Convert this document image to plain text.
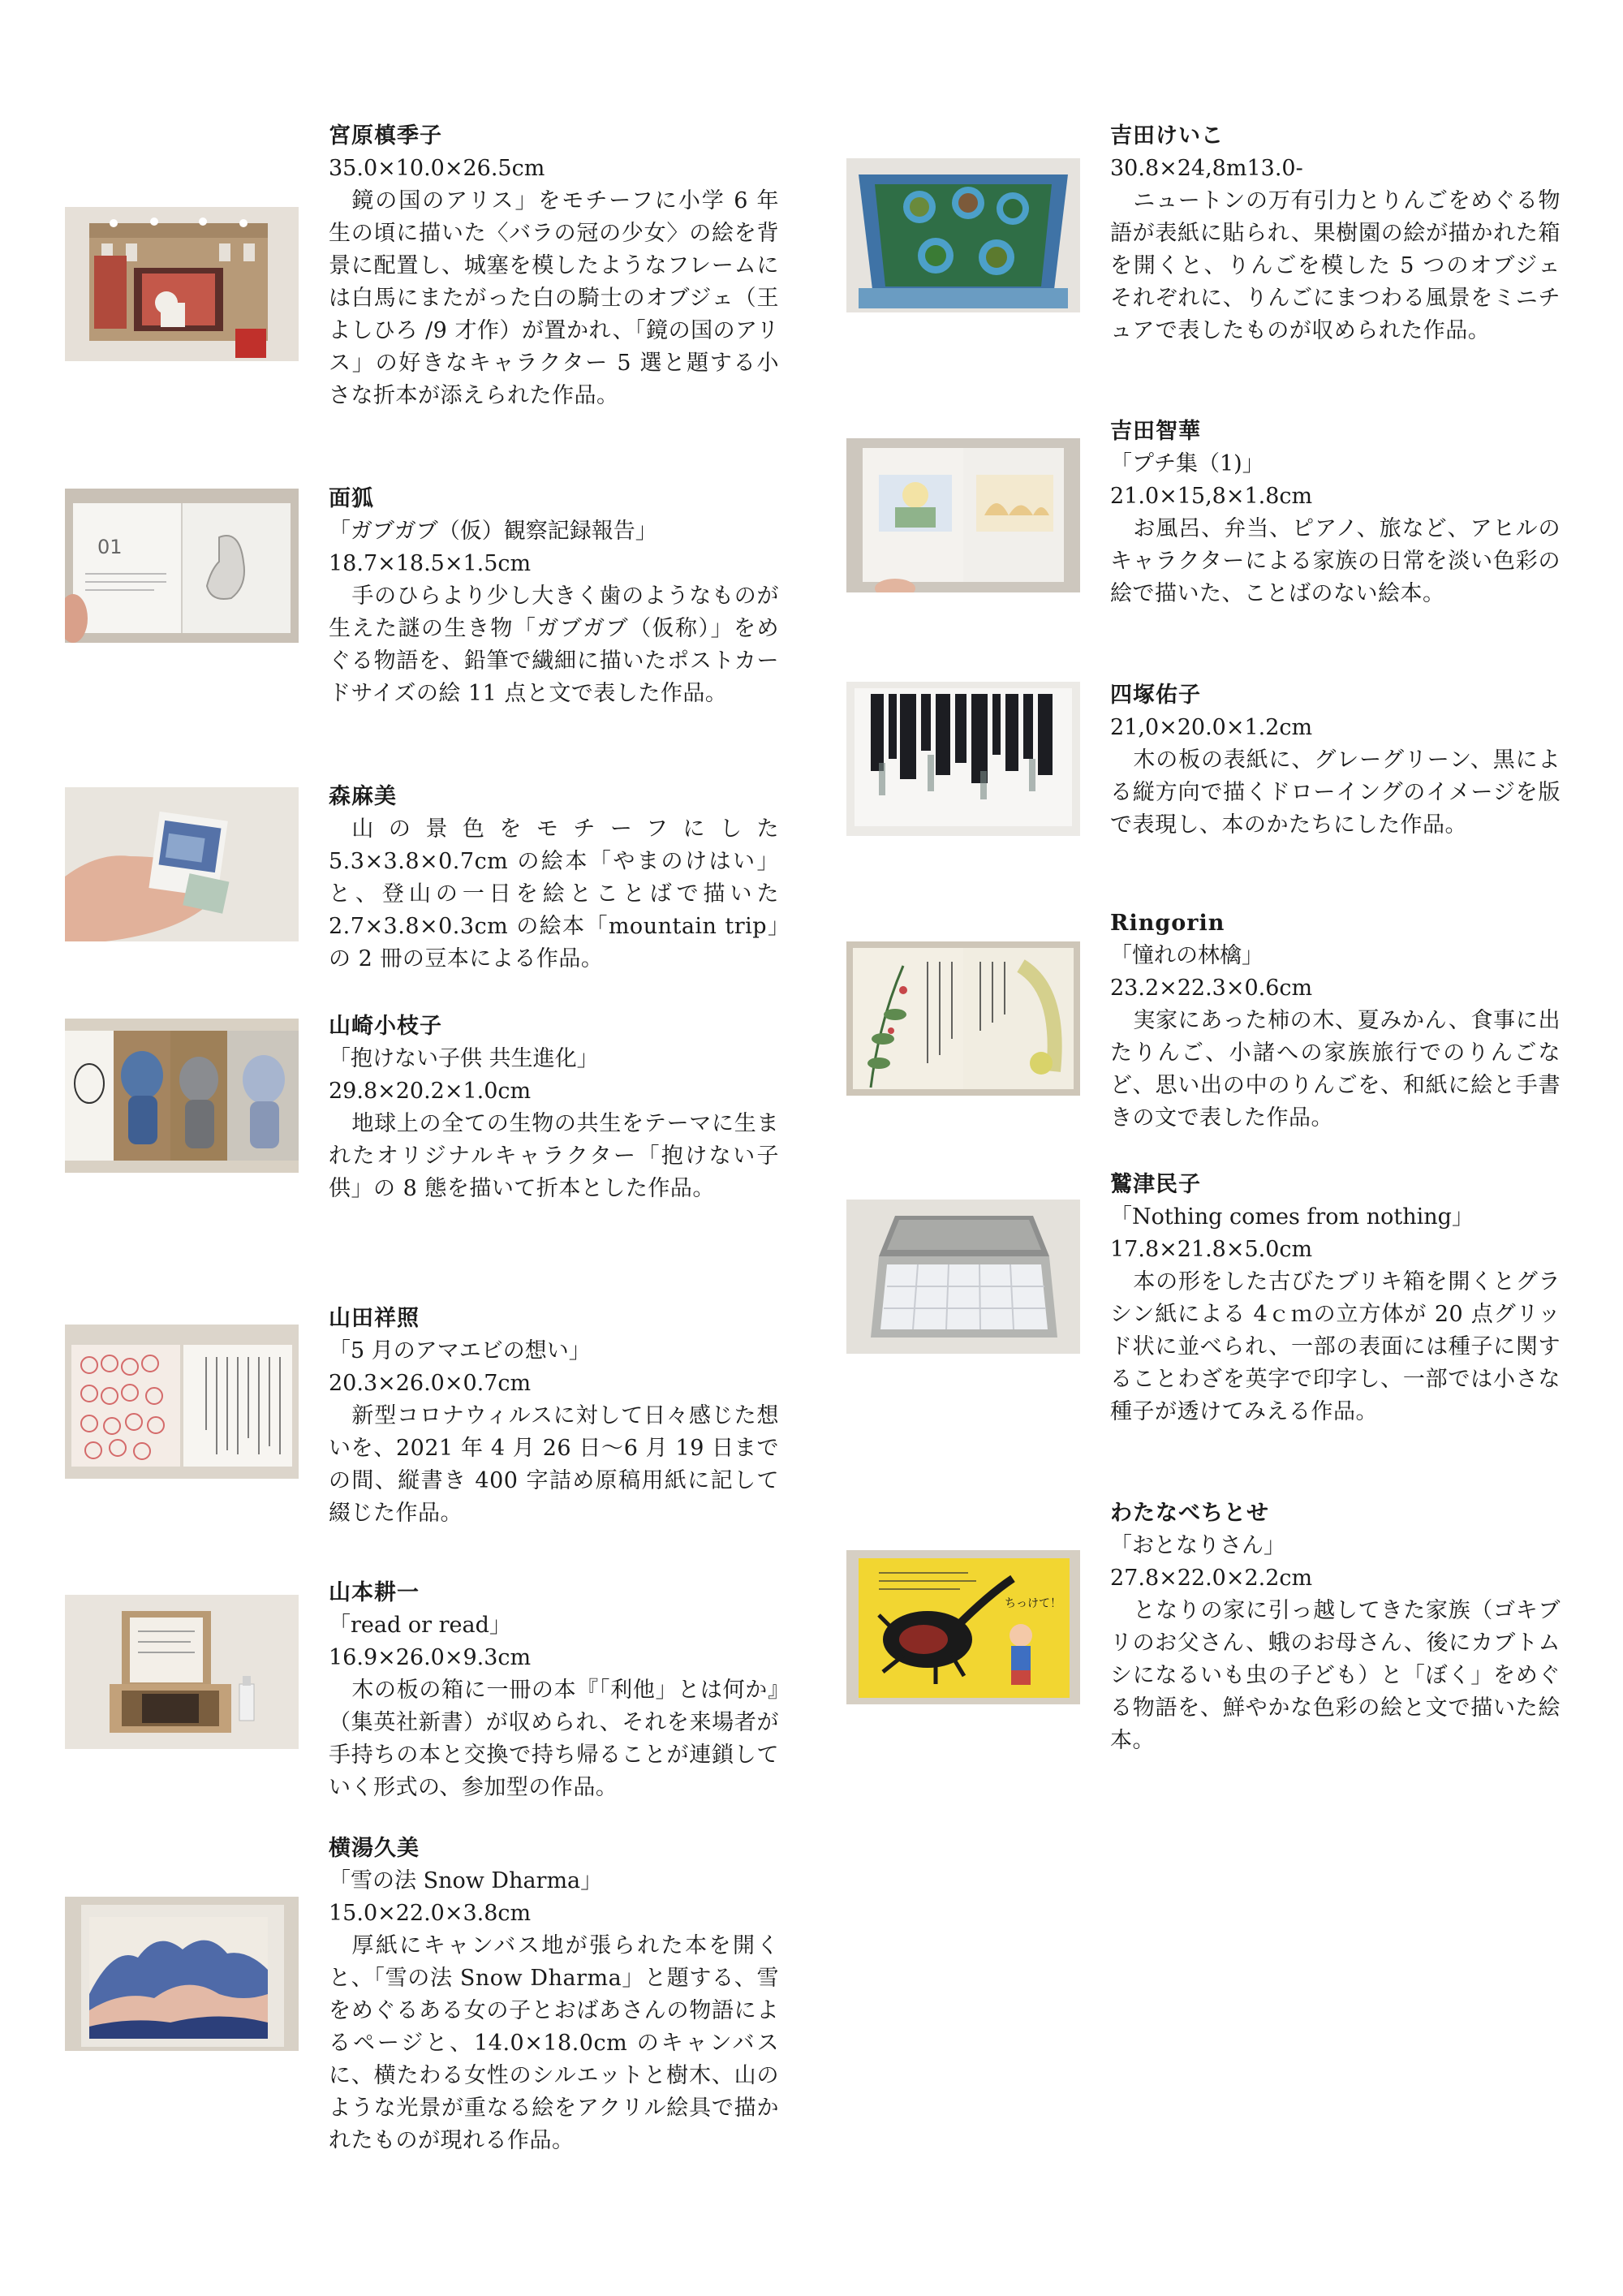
宮原槙季子

35.0×10.0×26.5cm

鏡の国のアリス」をモチーフに小学 6 年生の頃に描いた〈バラの冠の少女〉の絵を背景に配置し、城塞を模したようなフレームには白馬にまたがった白の騎士のオブジェ（王よしひろ /9 才作）が置かれ、「鏡の国のアリス」の好きなキャラクター 5 選と題する小さな折本が添えられた作品。

01

面狐

「ガブガブ（仮）観察記録報告」

18.7×18.5×1.5cm

手のひらより少し大きく歯のようなものが生えた謎の生き物「ガブガブ（仮称）」をめぐる物語を、鉛筆で繊細に描いたポストカードサイズの絵 11 点と文で表した作品。

森麻美

山の景色をモチーフにした 5.3×3.8×0.7cm の絵本「やまのけはい」と、登山の一日を絵とことばで描いた 2.7×3.8×0.3cm の絵本「mountain trip」の 2 冊の豆本による作品。

山崎小枝子

「抱けない子供 共生進化」

29.8×20.2×1.0cm

地球上の全ての生物の共生をテーマに生まれたオリジナルキャラクター「抱けない子供」の 8 態を描いて折本とした作品。

山田祥照

「5 月のアマエビの想い」

20.3×26.0×0.7cm

新型コロナウィルスに対して日々感じた想いを、2021 年 4 月 26 日〜6 月 19 日までの間、縦書き 400 字詰め原稿用紙に記して綴じた作品。

山本耕一

「read or read」

16.9×26.0×9.3cm

木の板の箱に一冊の本『「利他」とは何か』（集英社新書）が収められ、それを来場者が手持ちの本と交換で持ち帰ることが連鎖していく形式の、参加型の作品。

横湯久美

「雪の法 Snow Dharma」

15.0×22.0×3.8cm

厚紙にキャンバス地が張られた本を開くと、「雪の法 Snow Dharma」と題する、雪をめぐるある女の子とおばあさんの物語によるページと、14.0×18.0cm のキャンバスに、横たわる女性のシルエットと樹木、山のような光景が重なる絵をアクリル絵具で描かれたものが現れる作品。

吉田けいこ

30.8×24,8m13.0-

ニュートンの万有引力とりんごをめぐる物語が表紙に貼られ、果樹園の絵が描かれた箱を開くと、りんごを模した 5 つのオブジェそれぞれに、りんごにまつわる風景をミニチュアで表したものが収められた作品。

吉田智華

「プチ集（1)」

21.0×15,8×1.8cm

お風呂、弁当、ピアノ、旅など、アヒルのキャラクターによる家族の日常を淡い色彩の絵で描いた、ことばのない絵本。

四塚佑子

21,0×20.0×1.2cm

木の板の表紙に、グレーグリーン、黒による縦方向で描くドローイングのイメージを版で表現し、本のかたちにした作品。

Ringorin

「憧れの林檎」

23.2×22.3×0.6cm

実家にあった柿の木、夏みかん、食事に出たりんご、小諸への家族旅行でのりんごなど、思い出の中のりんごを、和紙に絵と手書きの文で表した作品。

鷲津民子

「Nothing comes from nothing」

17.8×21.8×5.0cm

本の形をした古びたブリキ箱を開くとグラシン紙による 4ｃｍの立方体が 20 点グリッド状に並べられ、一部の表面には種子に関することわざを英字で印字し、一部では小さな種子が透けてみえる作品。

ちっけて！

わたなべちとせ

「おとなりさん」

27.8×22.0×2.2cm

となりの家に引っ越してきた家族（ゴキブリのお父さん、蛾のお母さん、後にカブトムシになるいも虫の子ども）と「ぼく」をめぐる物語を、鮮やかな色彩の絵と文で描いた絵本。
